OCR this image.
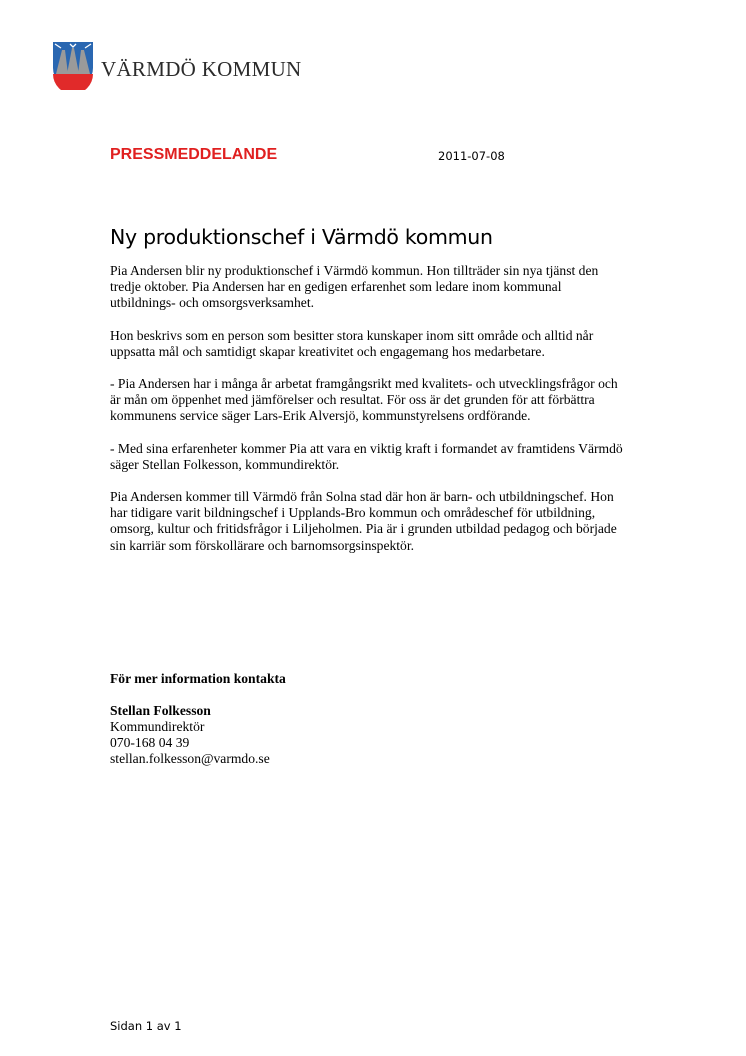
VÄRMDÖ KOMMUN
PRESSMEDDELANDE	2011-07-08
Ny produktionschef i Värmdö kommun

Pia Andersen blir ny produktionschef i Värmdö kommun. Hon tillträder sin nya tjänst den tredje oktober. Pia Andersen har en gedigen erfarenhet som ledare inom kommunal utbildnings- och omsorgsverksamhet.

Hon beskrivs som en person som besitter stora kunskaper inom sitt område och alltid når uppsatta mål och samtidigt skapar kreativitet och engagemang hos medarbetare.

- Pia Andersen har i många år arbetat framgångsrikt med kvalitets- och utvecklingsfrågor och är mån om öppenhet med jämförelser och resultat. För oss är det grunden för att förbättra kommunens service säger Lars-Erik Alversjö, kommunstyrelsens ordförande.

- Med sina erfarenheter kommer Pia att vara en viktig kraft i formandet av framtidens Värmdö säger Stellan Folkesson, kommundirektör.

Pia Andersen kommer till Värmdö från Solna stad där hon är barn- och utbildningschef. Hon har tidigare varit bildningschef i Upplands-Bro kommun och områdeschef för utbildning, omsorg, kultur och fritidsfrågor i Liljeholmen. Pia är i grunden utbildad pedagog och började sin karriär som förskollärare och barnomsorgsinspektör.

För mer information kontakta
Stellan Folkesson
Kommundirektör
070-168 04 39
stellan.folkesson@varmdo.se
Sidan 1 av 1
